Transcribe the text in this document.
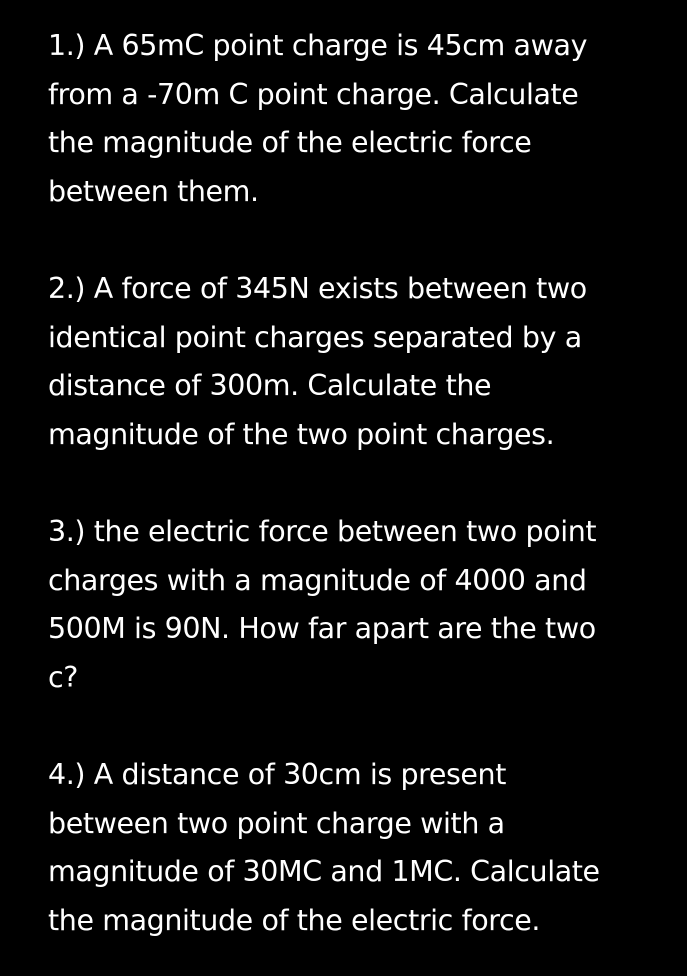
1.) A 65mC point charge is 45cm away
from a -70m C point charge. Calculate
the magnitude of the electric force
between them.
2.) A force of 345N exists between two
identical point charges separated by a
distance of 300m. Calculate the
magnitude of the two point charges.
3.) the electric force between two point
charges with a magnitude of 4000 and
500M is 90N. How far apart are the two
c?
4.) A distance of 30cm is present
between two point charge with a
magnitude of 30MC and 1MC. Calculate
the magnitude of the electric force.
